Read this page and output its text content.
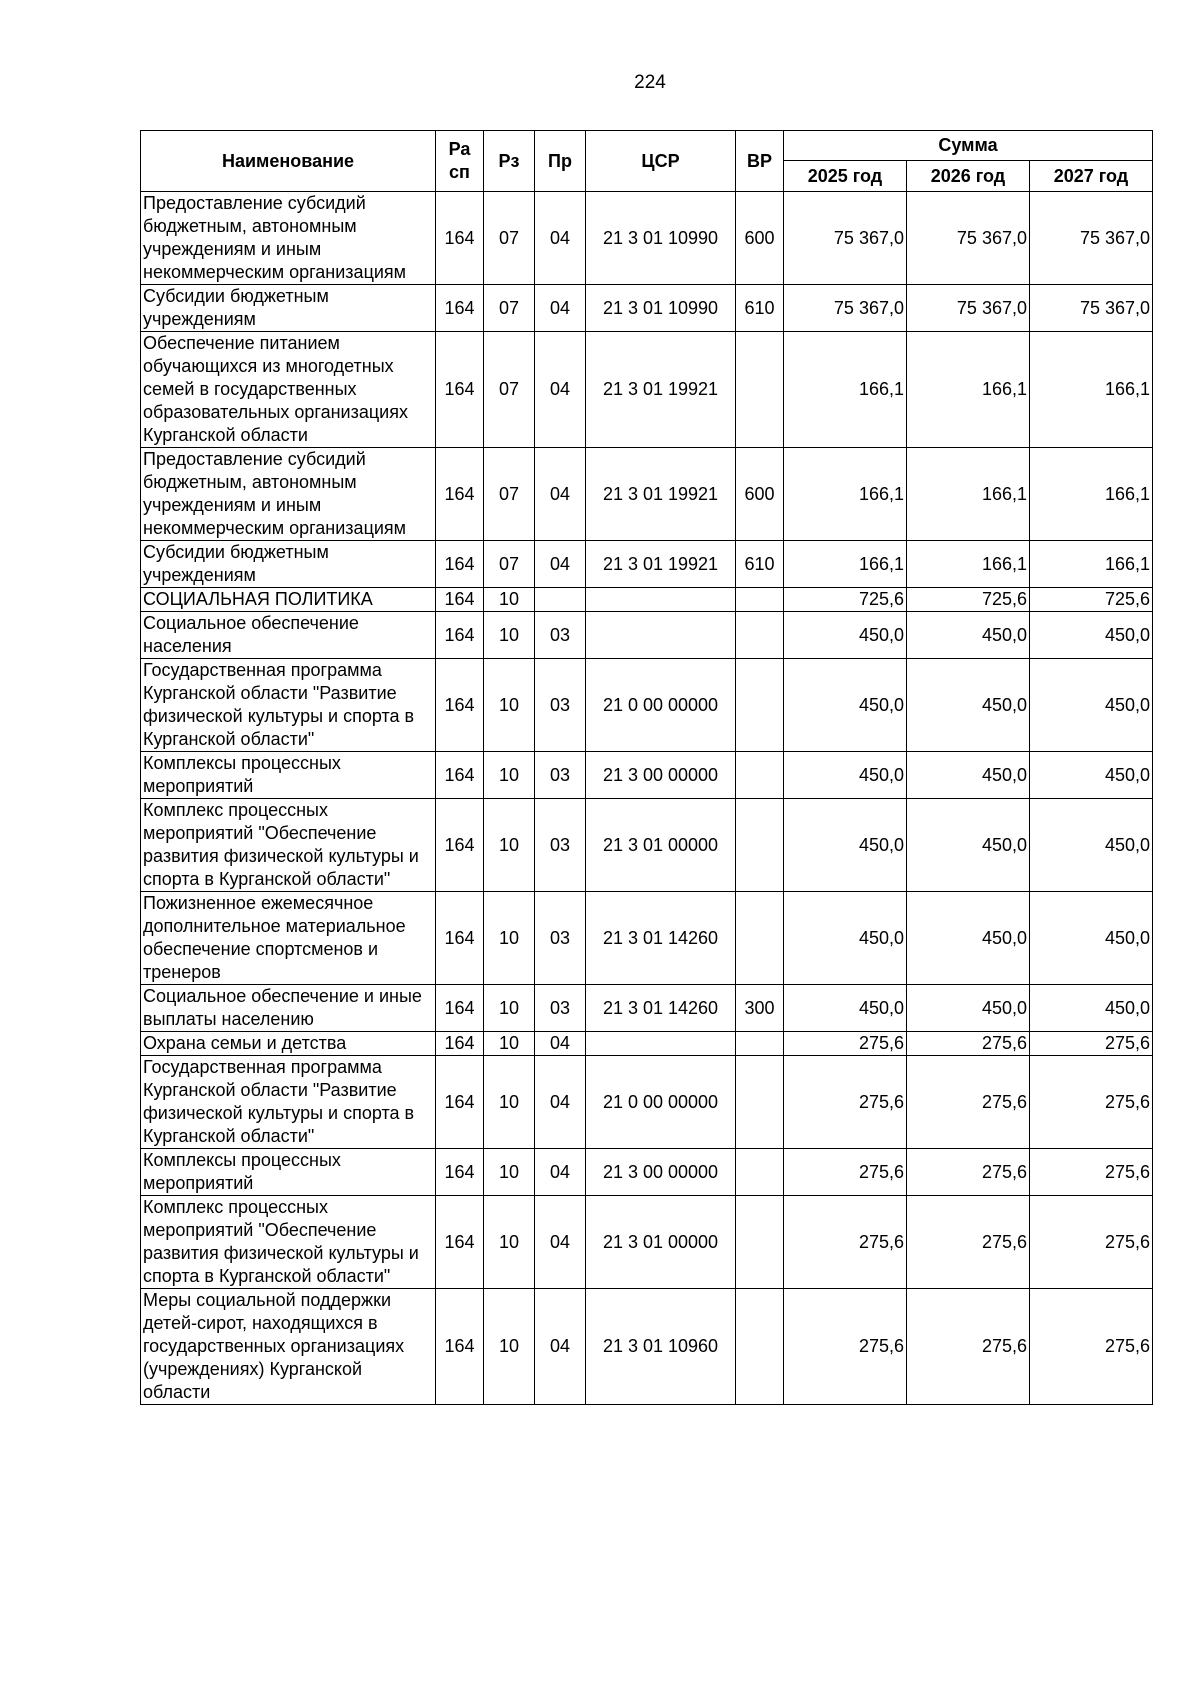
224
Наименование	Ра сп	Рз	Пр	ЦСР	ВР	Сумма		
						2025 год	2026 год	2027 год
Предоставление субсидий бюджетным, автономным учреждениям и иным некоммерческим организациям	164	07	04	21 3 01 10990	600	75 367,0	75 367,0	75 367,0
Субсидии бюджетным учреждениям	164	07	04	21 3 01 10990	610	75 367,0	75 367,0	75 367,0
Обеспечение питанием обучающихся из многодетных семей в государственных образовательных организациях Курганской области	164	07	04	21 3 01 19921		166,1	166,1	166,1
Предоставление субсидий бюджетным, автономным учреждениям и иным некоммерческим организациям	164	07	04	21 3 01 19921	600	166,1	166,1	166,1
Субсидии бюджетным учреждениям	164	07	04	21 3 01 19921	610	166,1	166,1	166,1
СОЦИАЛЬНАЯ ПОЛИТИКА	164	10				725,6	725,6	725,6
Социальное обеспечение населения	164	10	03			450,0	450,0	450,0
Государственная программа Курганской области "Развитие физической культуры и спорта в Курганской области"	164	10	03	21 0 00 00000		450,0	450,0	450,0
Комплексы процессных мероприятий	164	10	03	21 3 00 00000		450,0	450,0	450,0
Комплекс процессных мероприятий "Обеспечение развития физической культуры и спорта в Курганской области"	164	10	03	21 3 01 00000		450,0	450,0	450,0
Пожизненное ежемесячное дополнительное материальное обеспечение спортсменов и тренеров	164	10	03	21 3 01 14260		450,0	450,0	450,0
Социальное обеспечение и иные выплаты населению	164	10	03	21 3 01 14260	300	450,0	450,0	450,0
Охрана семьи и детства	164	10	04			275,6	275,6	275,6
Государственная программа Курганской области "Развитие физической культуры и спорта в Курганской области"	164	10	04	21 0 00 00000		275,6	275,6	275,6
Комплексы процессных мероприятий	164	10	04	21 3 00 00000		275,6	275,6	275,6
Комплекс процессных мероприятий "Обеспечение развития физической культуры и спорта в Курганской области"	164	10	04	21 3 01 00000		275,6	275,6	275,6
Меры социальной поддержки детей-сирот, находящихся в государственных организациях (учреждениях) Курганской области	164	10	04	21 3 01 10960		275,6	275,6	275,6
